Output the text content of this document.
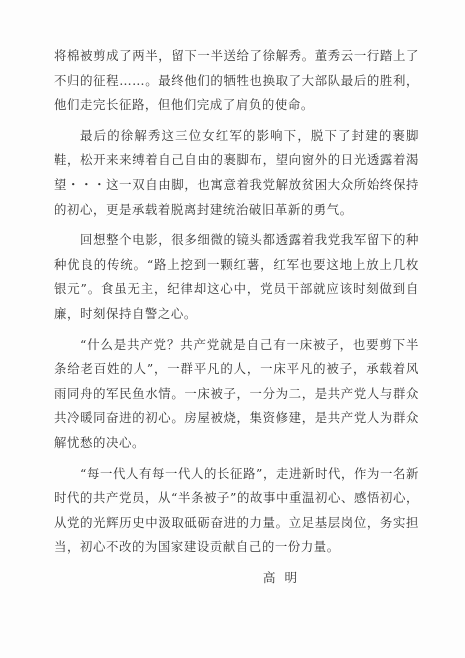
将棉被剪成了两半，留下一半送给了徐解秀。董秀云一行踏上了不归的征程……。最终他们的牺牲也换取了大部队最后的胜利，他们走完长征路，但他们完成了肩负的使命。

最后的徐解秀这三位女红军的影响下，脱下了封建的裹脚鞋，松开来来缚着自己自由的裹脚布，望向窗外的日光透露着渴望・・・这一双自由脚，也寓意着我党解放贫困大众所始终保持的初心，更是承载着脱离封建统治破旧革新的勇气。

回想整个电影，很多细微的镜头都透露着我党我军留下的种种优良的传统。“路上挖到一颗红薯，红军也要这地上放上几枚银元”。食虽无主，纪律却这心中，党员干部就应该时刻做到自廉，时刻保持自警之心。

“什么是共产党？共产党就是自己有一床被子，也要剪下半条给老百姓的人”，一群平凡的人，一床平凡的被子，承载着风雨同舟的军民鱼水情。一床被子，一分为二，是共产党人与群众共冷暖同奋进的初心。房屋被烧，集资修建，是共产党人为群众解忧愁的决心。

“每一代人有每一代人的长征路”，走进新时代，作为一名新时代的共产党员，从“半条被子”的故事中重温初心、感悟初心，从党的光辉历史中汲取砥砺奋进的力量。立足基层岗位，务实担当，初心不改的为国家建设贡献自己的一份力量。

高明
